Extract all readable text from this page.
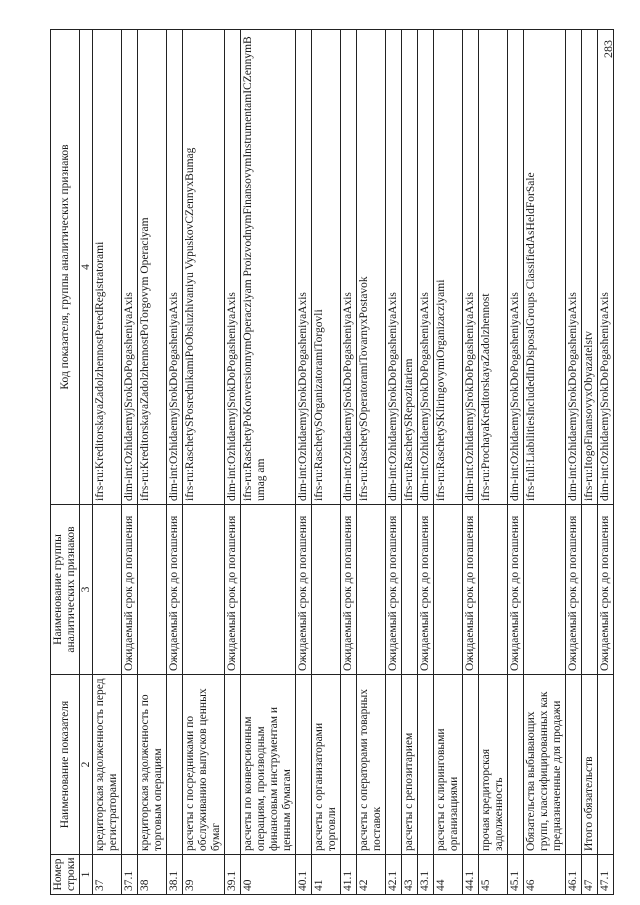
283
Номер строки	Наименование показателя	Наименование группы аналитических признаков	Код показателя, группы аналитических признаков
1	2	3	4
37	кредиторская задолженность перед регистраторами		ifrs-ru:KreditorskayaZadolzhennostPeredRegistratorami
37.1		Ожидаемый срок до погашения	dim-int:OzhidaemyjSrokDoPogasheniyaAxis
38	кредиторская задолженность по торговым операциям		ifrs-ru:KreditorskayaZadolzhennostPoTorgovym Operaciyam
38.1		Ожидаемый срок до погашения	dim-int:OzhidaemyjSrokDoPogasheniyaAxis
39	расчеты с посредниками по обслуживанию выпусков ценных бумаг		ifrs-ru:RaschetySPosrednikamiPoObsluzhivaniyu VypuskovCZennyxBumag
39.1		Ожидаемый срок до погашения	dim-int:OzhidaemyjSrokDoPogasheniyaAxis
40	расчеты по конверсионным операциям, производным финансовым инструментам и ценным бумагам		ifrs-ru:RaschetyPoKonversionnymOperacziyam ProizvodnymFinansovymInstrumentamICZennymBumag am
40.1		Ожидаемый срок до погашения	dim-int:OzhidaemyjSrokDoPogasheniyaAxis
41	расчеты с организаторами торговли		ifrs-ru:RaschetySOrganizatoramiTorgovli
41.1		Ожидаемый срок до погашения	dim-int:OzhidaemyjSrokDoPogasheniyaAxis
42	расчеты с операторами товарных поставок		ifrs-ru:RaschetySOperatoramiTovarnyxPostavok
42.1		Ожидаемый срок до погашения	dim-int:OzhidaemyjSrokDoPogasheniyaAxis
43	расчеты с репозитарием		ifrs-ru:RaschetySRepozitariem
43.1		Ожидаемый срок до погашения	dim-int:OzhidaemyjSrokDoPogasheniyaAxis
44	расчеты с клиринговыми организациями		ifrs-ru:RaschetySKliringovymiOrganizacziyami
44.1		Ожидаемый срок до погашения	dim-int:OzhidaemyjSrokDoPogasheniyaAxis
45	прочая кредиторская задолженность		ifrs-ru:ProchayaKreditorskayaZadolzhennost
45.1		Ожидаемый срок до погашения	dim-int:OzhidaemyjSrokDoPogasheniyaAxis
46	Обязательства выбывающих групп, классифицированных как предназначенные для продажи		ifrs-full:LiabilitiesIncludedInDisposalGroups ClassifiedAsHeldForSale
46.1		Ожидаемый срок до погашения	dim-int:OzhidaemyjSrokDoPogasheniyaAxis
47	Итого обязательств		ifrs-ru:ItogoFinansovyxObyazatelstv
47.1		Ожидаемый срок до погашения	dim-int:OzhidaemyjSrokDoPogasheniyaAxis
